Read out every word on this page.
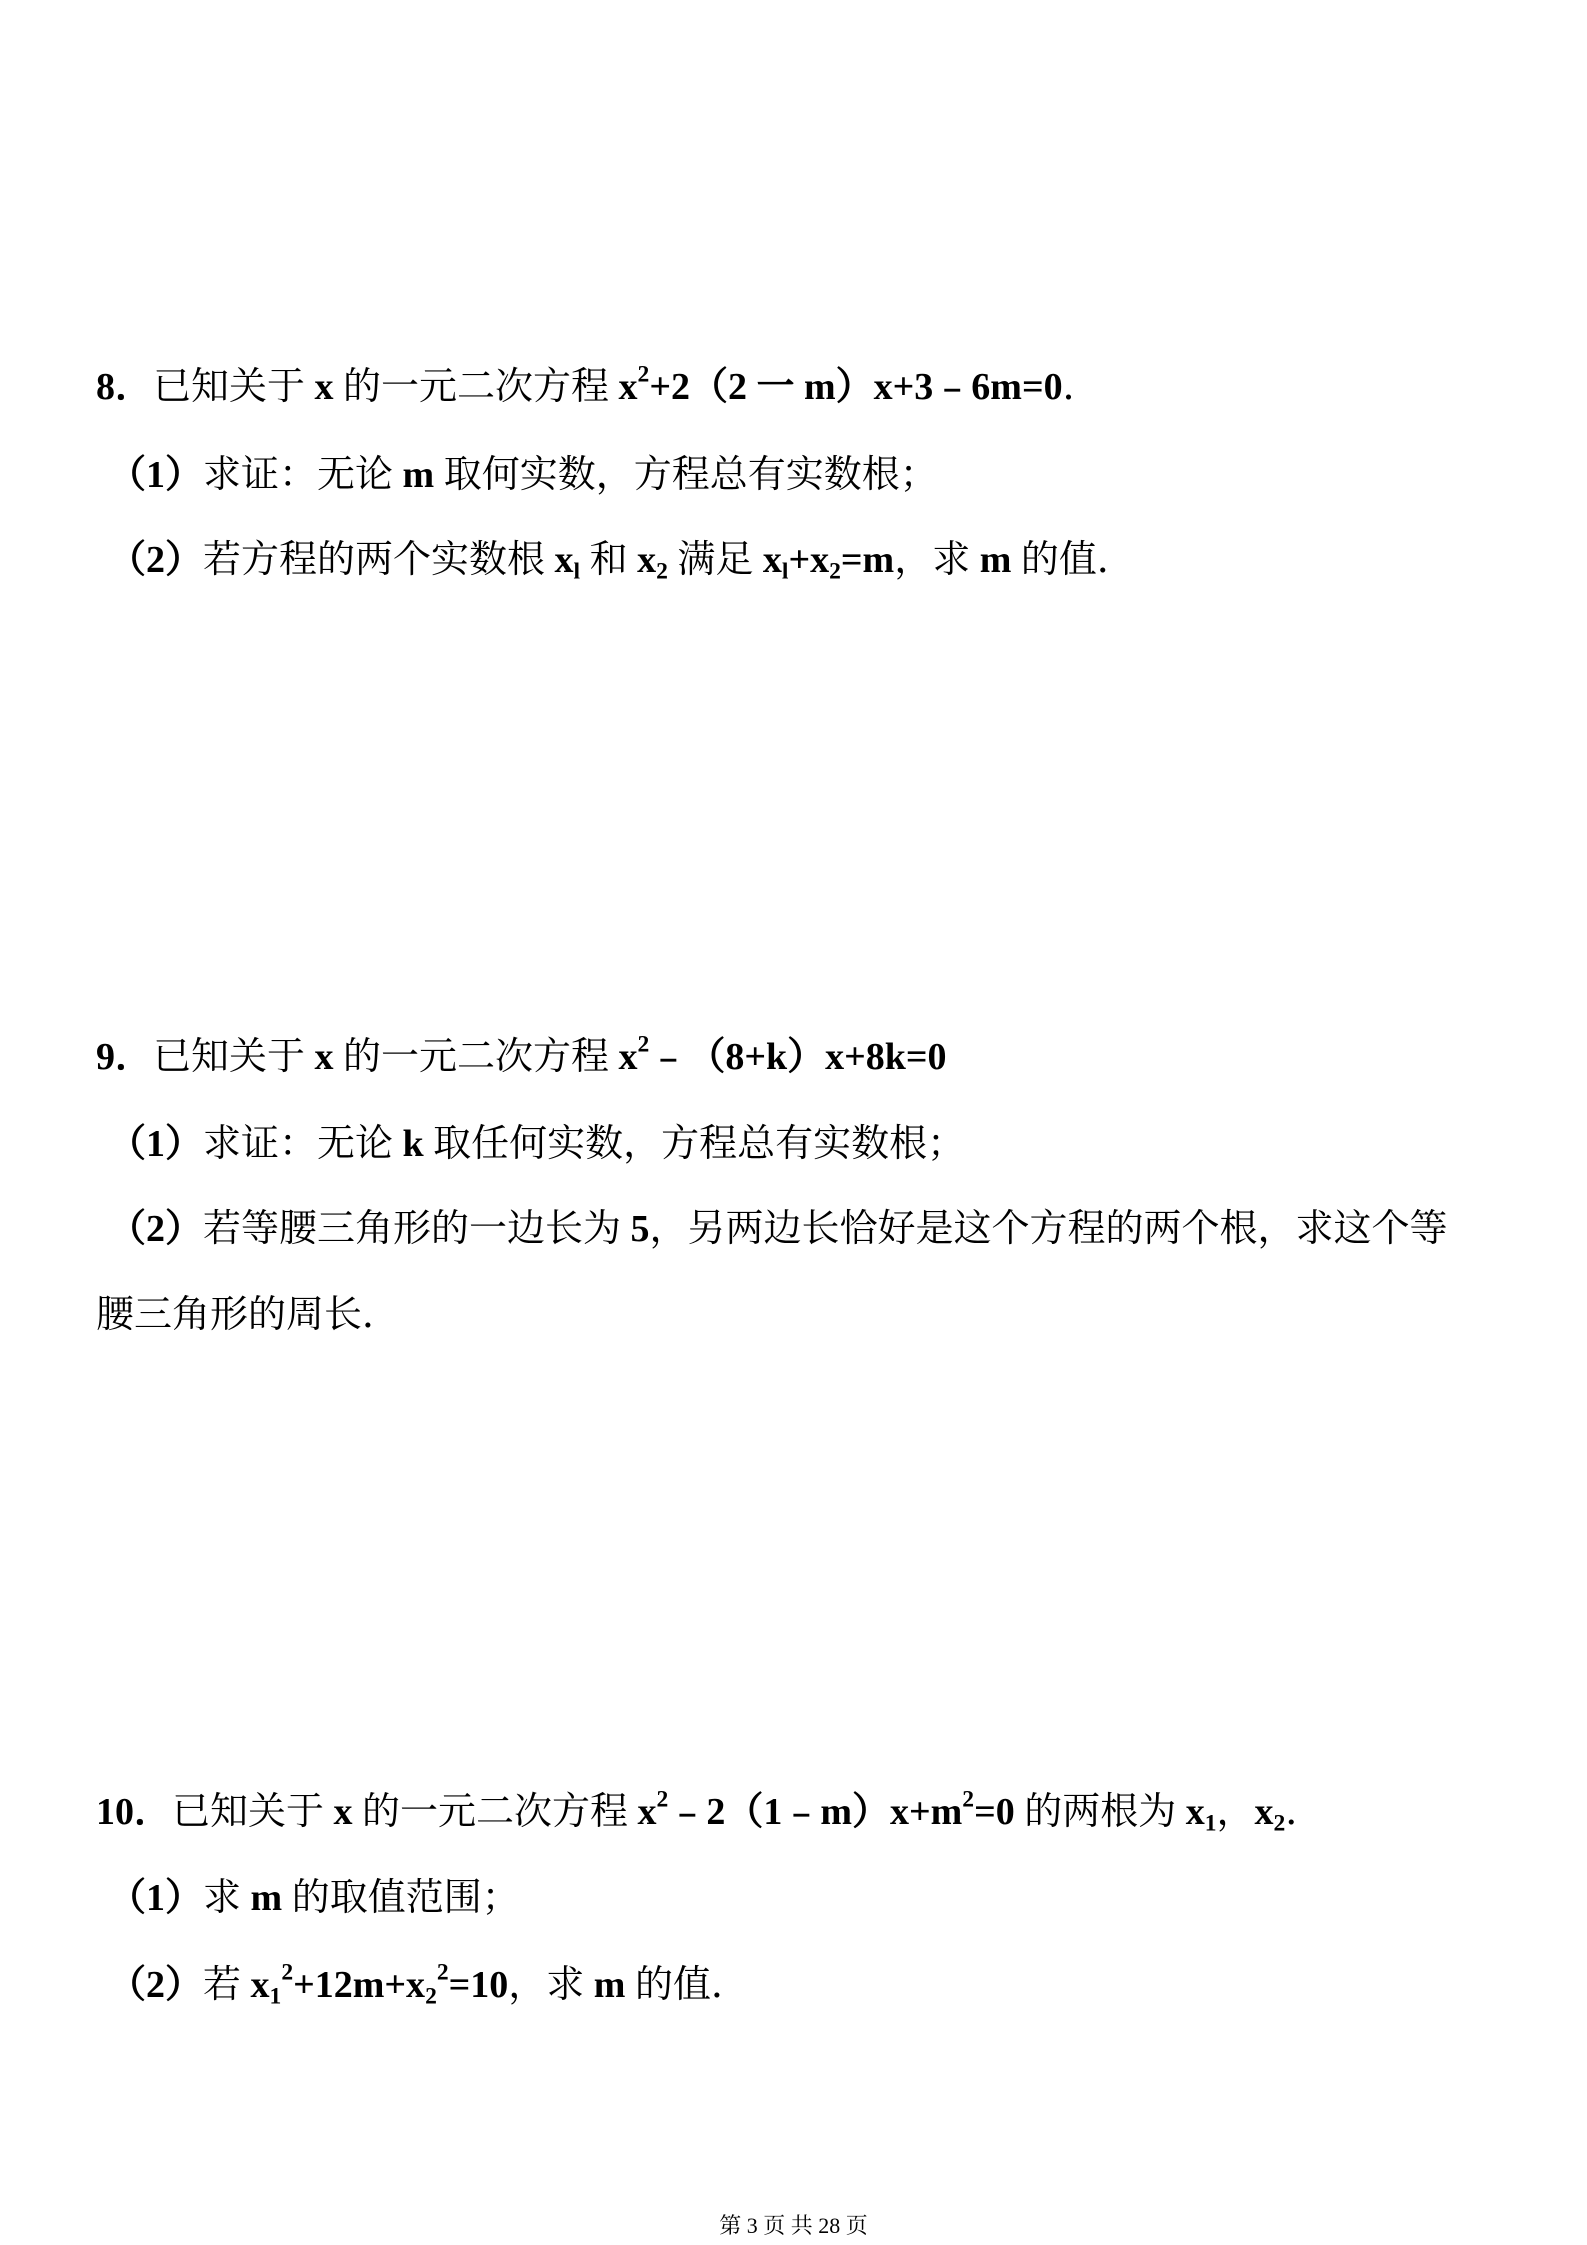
8．已知关于 x 的一元二次方程 $x^2+2(2$ 一 m）x+3﹣6m=0．
（1）求证：无论 m 取何实数，方程总有实数根；
（2）若方程的两个实数根 $x_l$ 和 $x_2$ 满足 $x_l+x_2=m$，求 m 的值．
9．已知关于 x 的一元二次方程 $x^2﹣(8+k)x+8k=0$
（1）求证：无论 k 取任何实数，方程总有实数根；
（2）若等腰三角形的一边长为 5，另两边长恰好是这个方程的两个根，求这个等
腰三角形的周长．
10．已知关于 x 的一元二次方程 $x^2﹣2(1﹣m)x+m^2=0$ 的两根为 $x_1$，$x_2$．
（1）求 m 的取值范围；
（2）若 $x_1^2+12m+x_2^2=10$，求 m 的值．
第 3 页 共 28 页
